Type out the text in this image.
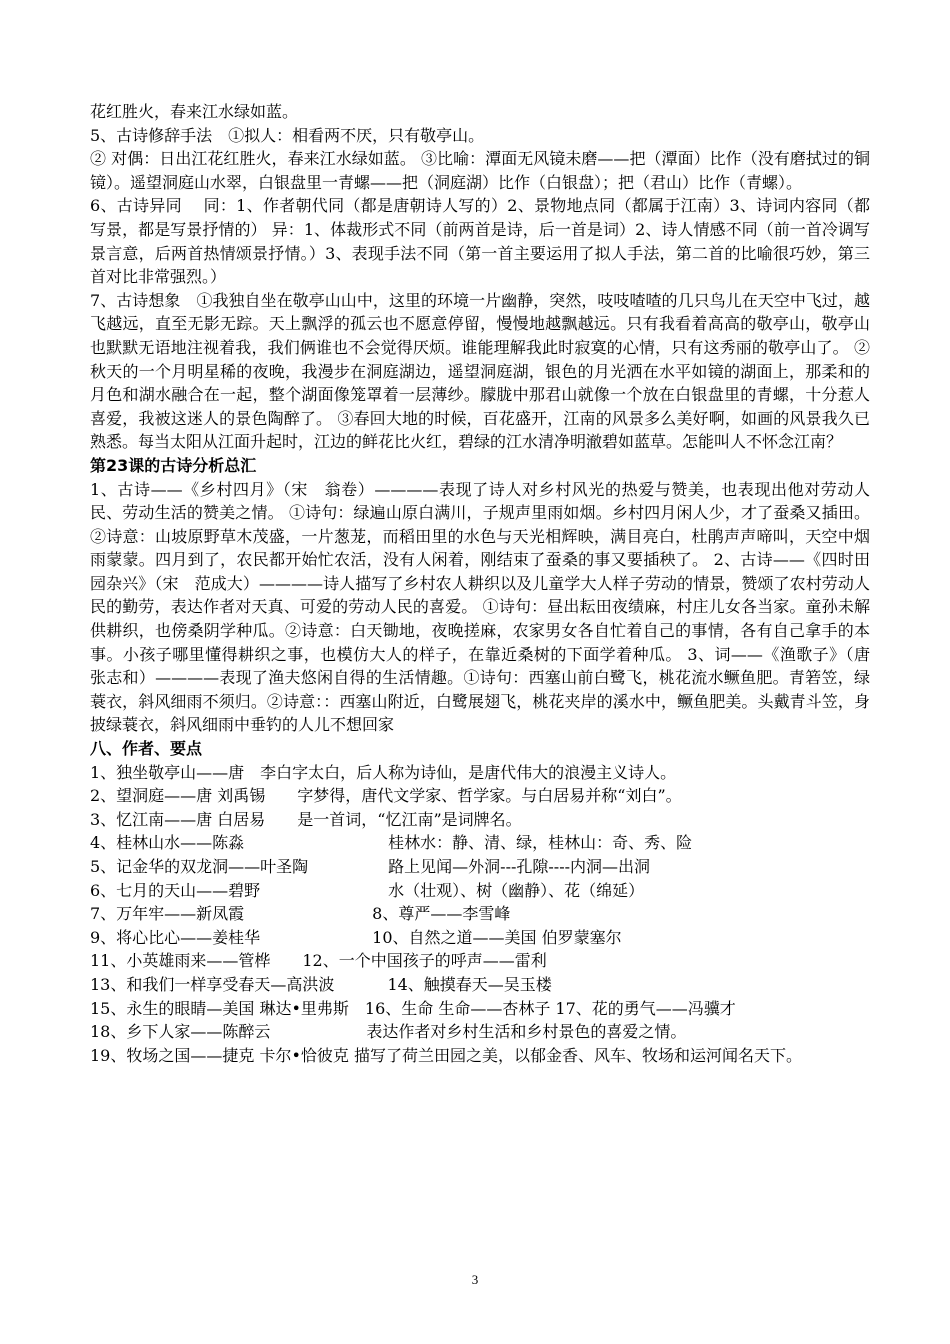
花红胜火，春来江水绿如蓝。

5、古诗修辞手法　①拟人：相看两不厌，只有敬亭山。

② 对偶：日出江花红胜火，春来江水绿如蓝。 ③比喻：潭面无风镜未磨——把（潭面）比作（没有磨拭过的铜镜）。遥望洞庭山水翠，白银盘里一青螺——把（洞庭湖）比作（白银盘）；把（君山）比作（青螺）。

6、古诗异同　 同：1、作者朝代同（都是唐朝诗人写的）2、景物地点同（都属于江南）3、诗词内容同（都写景，都是写景抒情的） 异：1、体裁形式不同（前两首是诗，后一首是词）2、诗人情感不同（前一首冷调写景言意，后两首热情颂景抒情。）3、表现手法不同（第一首主要运用了拟人手法，第二首的比喻很巧妙，第三首对比非常强烈。）

7、古诗想象　①我独自坐在敬亭山山中，这里的环境一片幽静，突然，吱吱喳喳的几只鸟儿在天空中飞过，越飞越远，直至无影无踪。天上飘浮的孤云也不愿意停留，慢慢地越飘越远。只有我看着高高的敬亭山，敬亭山也默默无语地注视着我，我们俩谁也不会觉得厌烦。谁能理解我此时寂寞的心情，只有这秀丽的敬亭山了。 ②秋天的一个月明星稀的夜晚，我漫步在洞庭湖边，遥望洞庭湖，银色的月光洒在水平如镜的湖面上，那柔和的月色和湖水融合在一起，整个湖面像笼罩着一层薄纱。朦胧中那君山就像一个放在白银盘里的青螺，十分惹人喜爱，我被这迷人的景色陶醉了。 ③春回大地的时候，百花盛开，江南的风景多么美好啊，如画的风景我久已熟悉。每当太阳从江面升起时，江边的鲜花比火红，碧绿的江水清净明澈碧如蓝草。怎能叫人不怀念江南？

第23课的古诗分析总汇

1、古诗——《乡村四月》（宋　翁卷）————表现了诗人对乡村风光的热爱与赞美，也表现出他对劳动人民、劳动生活的赞美之情。 ①诗句：绿遍山原白满川，子规声里雨如烟。乡村四月闲人少，才了蚕桑又插田。 ②诗意：山坡原野草木茂盛，一片葱茏，而稻田里的水色与天光相辉映，满目亮白，杜鹃声声啼叫，天空中烟雨蒙蒙。四月到了，农民都开始忙农活，没有人闲着，刚结束了蚕桑的事又要插秧了。 2、古诗——《四时田园杂兴》（宋　范成大）————诗人描写了乡村农人耕织以及儿童学大人样子劳动的情景，赞颂了农村劳动人民的勤劳，表达作者对天真、可爱的劳动人民的喜爱。 ①诗句：昼出耘田夜绩麻，村庄儿女各当家。童孙未解供耕织，也傍桑阴学种瓜。②诗意：白天锄地，夜晚搓麻，农家男女各自忙着自己的事情，各有自己拿手的本事。小孩子哪里懂得耕织之事，也模仿大人的样子，在靠近桑树的下面学着种瓜。 3、词——《渔歌子》（唐　张志和）————表现了渔夫悠闲自得的生活情趣。①诗句：西塞山前白鹭飞，桃花流水鳜鱼肥。青箬笠，绿蓑衣，斜风细雨不须归。②诗意：：西塞山附近，白鹭展翅飞，桃花夹岸的溪水中，鳜鱼肥美。头戴青斗笠，身披绿蓑衣，斜风细雨中垂钓的人儿不想回家

八、作者、要点
1、独坐敬亭山——唐　李白字太白，后人称为诗仙，是唐代伟大的浪漫主义诗人。
2、望洞庭——唐 刘禹锡　　字梦得，唐代文学家、哲学家。与白居易并称“刘白”。
3、忆江南——唐 白居易　　是一首词，“忆江南”是词牌名。
4、桂林山水——陈淼　　　　　　　　　桂林水：静、清、绿，桂林山：奇、秀、险
5、记金华的双龙洞——叶圣陶　　　　　路上见闻—外洞---孔隙----内洞—出洞
6、七月的天山——碧野　　　　　　　　水（壮观）、树（幽静）、花（绵延）
7、万年牢——新凤霞　　　　　　　　8、尊严——李雪峰
9、将心比心——姜桂华　　　　　　　10、自然之道——美国 伯罗蒙塞尔
11、小英雄雨来——管桦　　12、一个中国孩子的呼声——雷利
13、和我们一样享受春天—高洪波　　　 14、触摸春天—吴玉楼
15、永生的眼睛—美国 琳达•里弗斯　16、生命 生命——杏林子 17、花的勇气——冯骥才
18、乡下人家——陈醉云　　　　　　表达作者对乡村生活和乡村景色的喜爱之情。

19、牧场之国——捷克 卡尔•恰彼克 描写了荷兰田园之美，以郁金香、风车、牧场和运河闻名天下。

3
